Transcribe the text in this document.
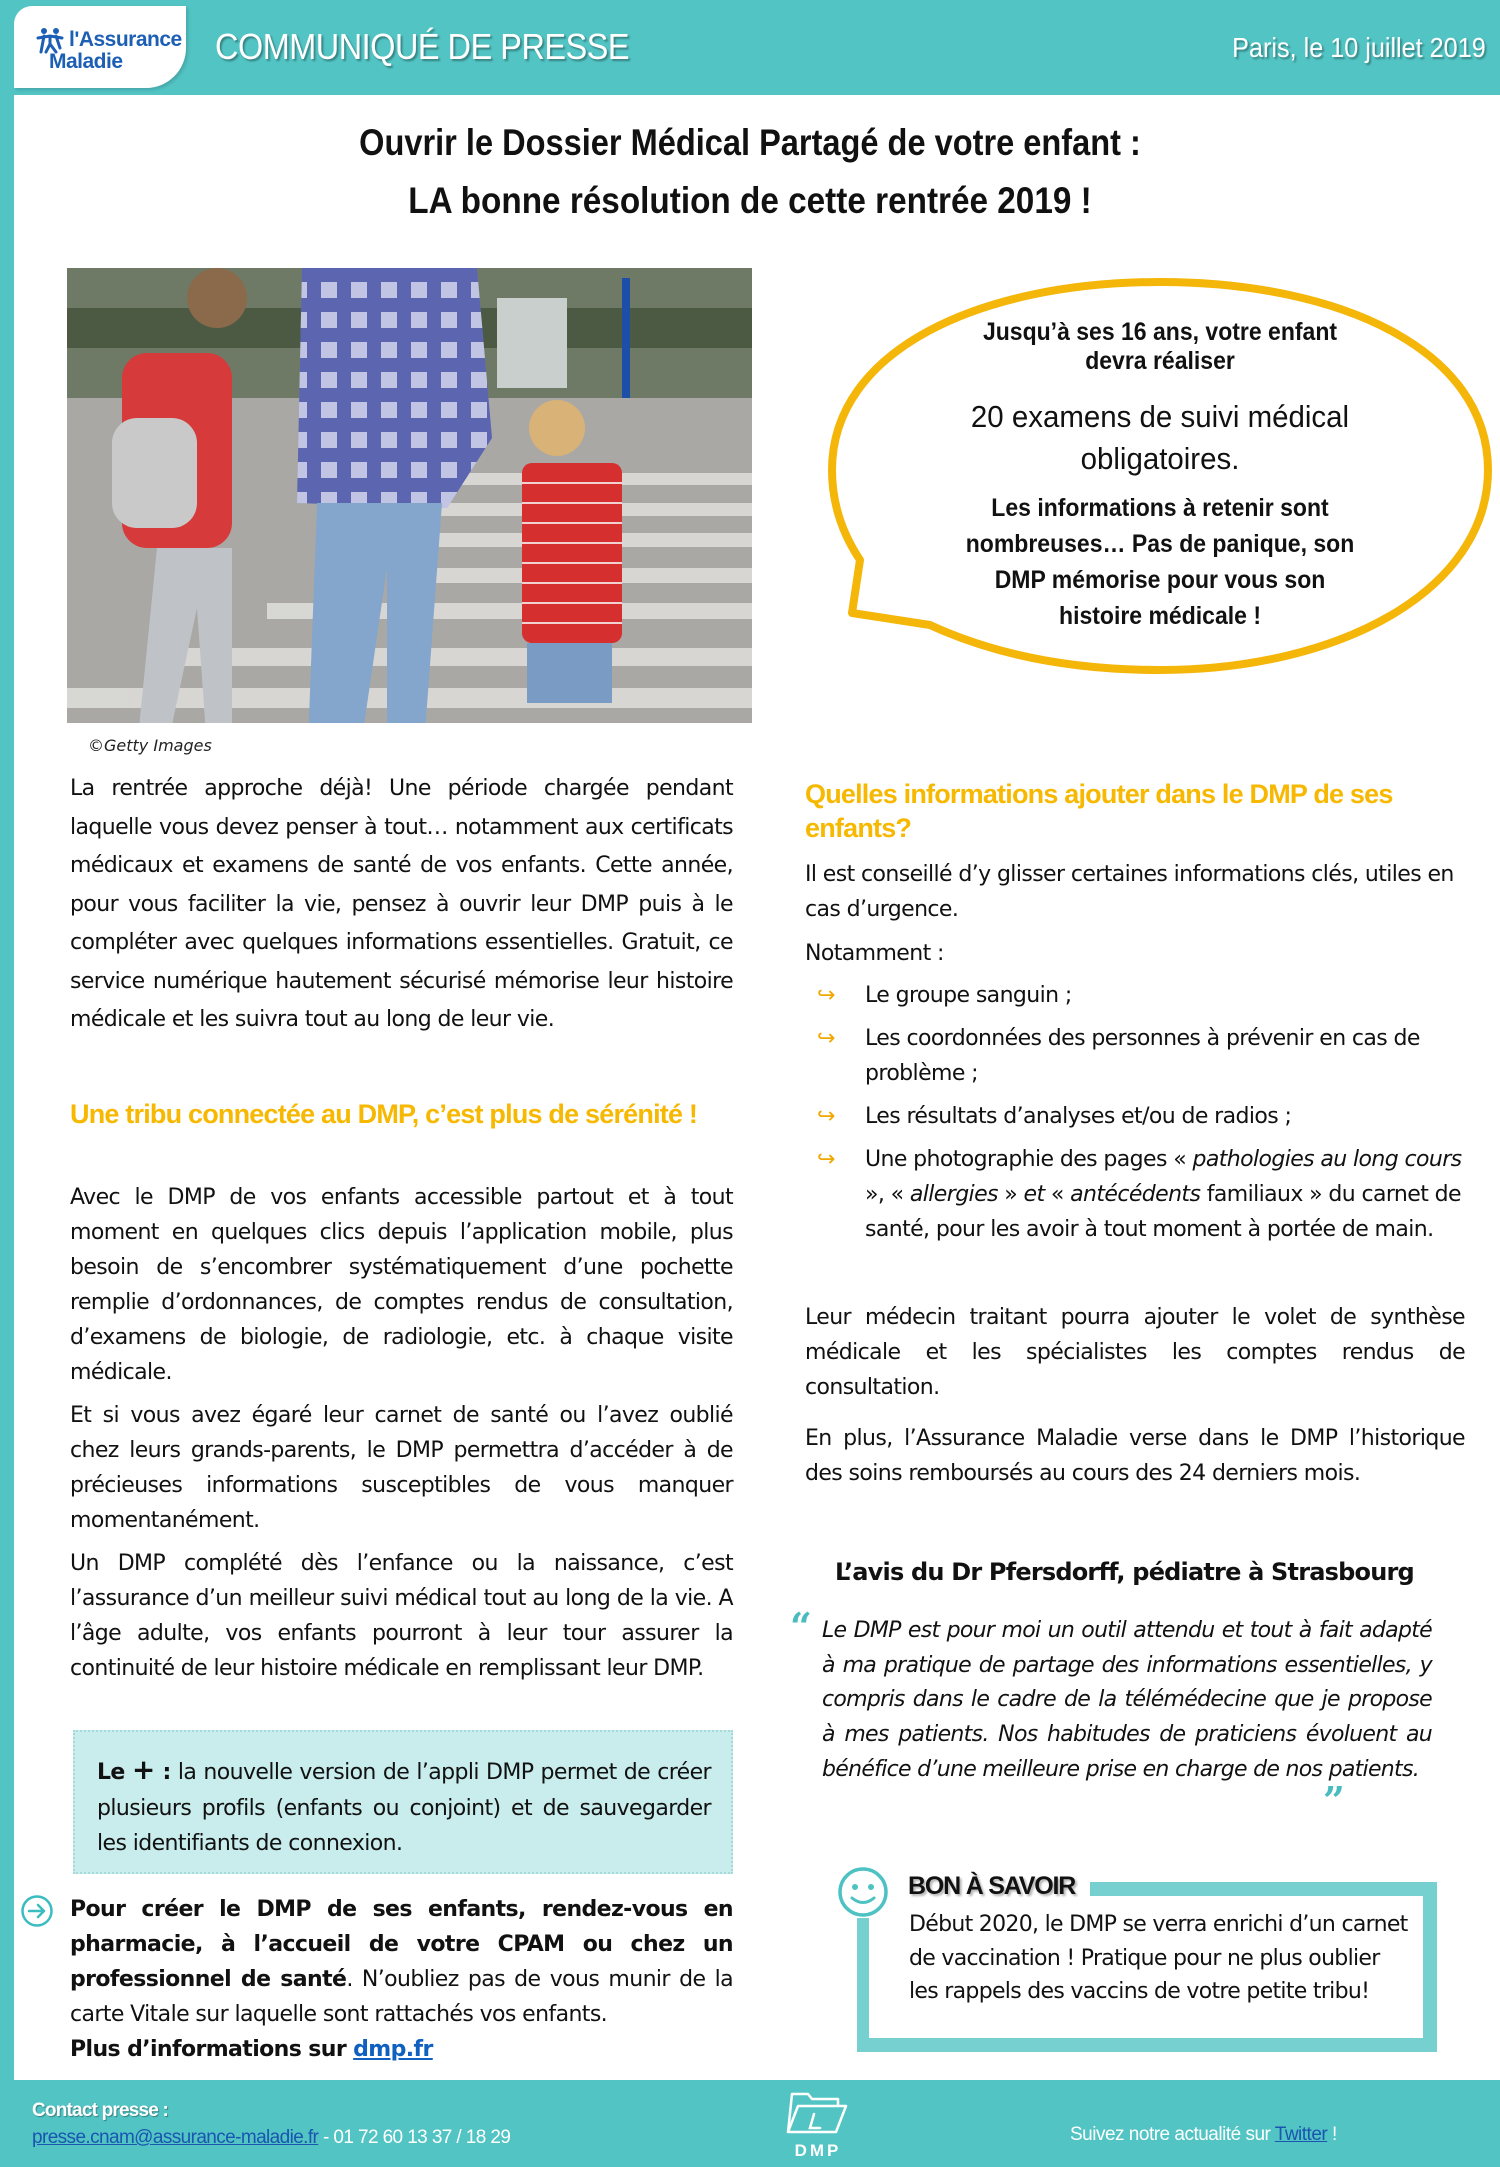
l'Assurance
Maladie	COMMUNIQUÉ DE PRESSE	Paris, le 10 juillet 2019
Ouvrir le Dossier Médical Partagé de votre enfant :
LA bonne résolution de cette rentrée 2019 !
©Getty Images
Jusqu’à ses 16 ans, votre enfant devra réaliser
20 examens de suivi médical obligatoires.
Les informations à retenir sont nombreuses… Pas de panique, son DMP mémorise pour vous son histoire médicale !

La rentrée approche déjà! Une période chargée pendant laquelle vous devez penser à tout… notamment aux certificats médicaux et examens de santé de vos enfants. Cette année, pour vous faciliter la vie, pensez à ouvrir leur DMP puis à le compléter avec quelques informations essentielles. Gratuit, ce service numérique hautement sécurisé mémorise leur histoire médicale et les suivra tout au long de leur vie.

Une tribu connectée au DMP, c’est plus de sérénité !

Avec le DMP de vos enfants accessible partout et à tout moment en quelques clics depuis l’application mobile, plus besoin de s’encombrer systématiquement d’une pochette remplie d’ordonnances, de comptes rendus de consultation, d’examens de biologie, de radiologie, etc. à chaque visite médicale.

Et si vous avez égaré leur carnet de santé ou l’avez oublié chez leurs grands-parents, le DMP permettra d’accéder à de précieuses informations susceptibles de vous manquer momentanément.

Un DMP complété dès l’enfance ou la naissance, c’est l’assurance d’un meilleur suivi médical tout au long de la vie. A l’âge adulte, vos enfants pourront à leur tour assurer la continuité de leur histoire médicale en remplissant leur DMP.

Le + : la nouvelle version de l’appli DMP permet de créer plusieurs profils (enfants ou conjoint) et de sauvegarder les identifiants de connexion.

Pour créer le DMP de ses enfants, rendez-vous en pharmacie, à l’accueil de votre CPAM ou chez un professionnel de santé. N’oubliez pas de vous munir de la carte Vitale sur laquelle sont rattachés vos enfants.
Plus d’informations sur dmp.fr
Quelles informations ajouter dans le DMP de ses enfants?

Il est conseillé d’y glisser certaines informations clés, utiles en cas d’urgence.

Notamment :

↪ Le groupe sanguin ;
↪ Les coordonnées des personnes à prévenir en cas de problème ;
↪ Les résultats d’analyses et/ou de radios ;
↪ Une photographie des pages « pathologies au long cours », « allergies » et « antécédents familiaux » du carnet de santé, pour les avoir à tout moment à portée de main.

Leur médecin traitant pourra ajouter le volet de synthèse médicale et les spécialistes les comptes rendus de consultation.

En plus, l’Assurance Maladie verse dans le DMP l’historique des soins remboursés au cours des 24 derniers mois.

L’avis du Dr Pfersdorff, pédiatre à Strasbourg
“ Le DMP est pour moi un outil attendu et tout à fait adapté à ma pratique de partage des informations essentielles, y compris dans le cadre de la télémédecine que je propose à mes patients. Nos habitudes de praticiens évoluent au bénéfice d’une meilleure prise en charge de nos patients.

”
BON À SAVOIR

Début 2020, le DMP se verra enrichi d’un carnet de vaccination ! Pratique pour ne plus oublier les rappels des vaccins de votre petite tribu!

Contact presse :
presse.cnam@assurance-maladie.fr - 01 72 60 13 37 / 18 29
DMP
Suivez notre actualité sur Twitter !
